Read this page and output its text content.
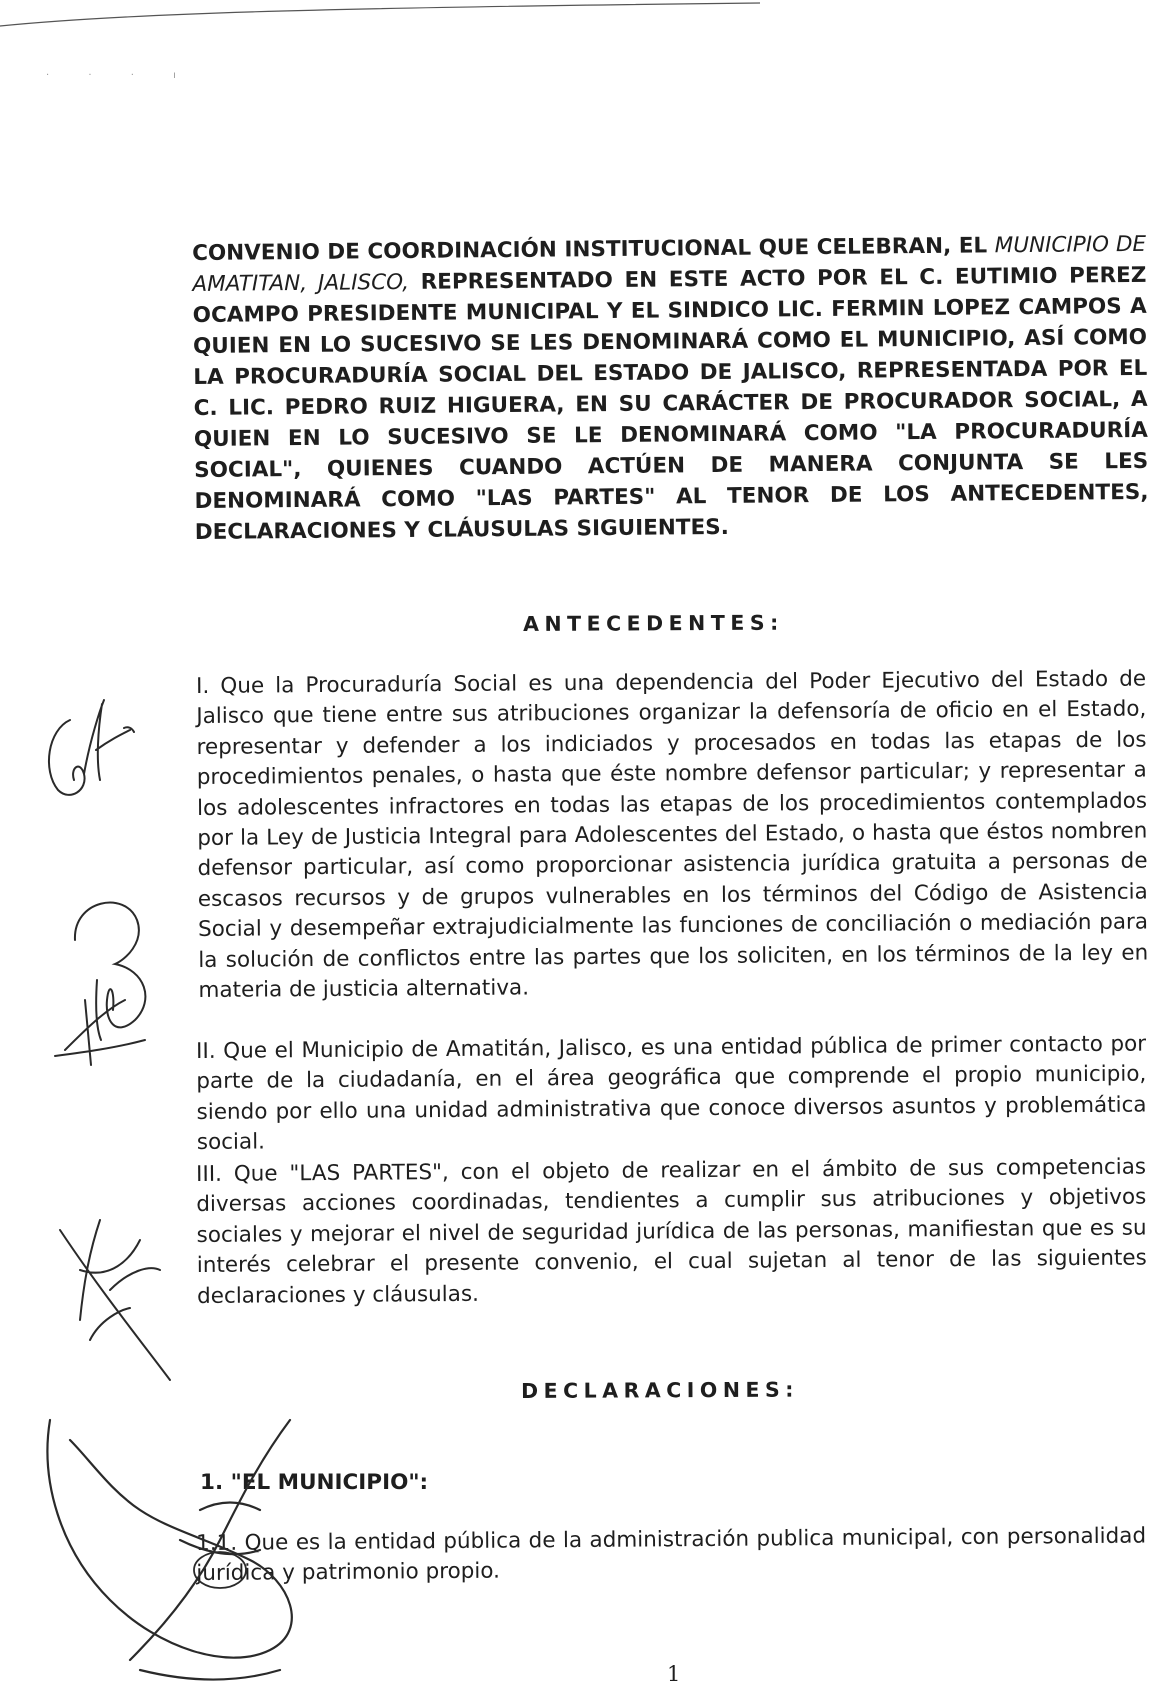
· · · ı
CONVENIO DE COORDINACIÓN INSTITUCIONAL QUE CELEBRAN, EL MUNICIPIO DE AMATITAN, JALISCO, REPRESENTADO EN ESTE ACTO POR EL C. EUTIMIO PEREZ OCAMPO PRESIDENTE MUNICIPAL Y EL SINDICO LIC. FERMIN LOPEZ CAMPOS A QUIEN EN LO SUCESIVO SE LES DENOMINARÁ COMO EL MUNICIPIO, ASÍ COMO LA PROCURADURÍA SOCIAL DEL ESTADO DE JALISCO, REPRESENTADA POR EL C. LIC. PEDRO RUIZ HIGUERA, EN SU CARÁCTER DE PROCURADOR SOCIAL, A QUIEN EN LO SUCESIVO SE LE DENOMINARÁ COMO "LA PROCURADURÍA SOCIAL", QUIENES CUANDO ACTÚEN DE MANERA CONJUNTA SE LES DENOMINARÁ COMO "LAS PARTES" AL TENOR DE LOS ANTECEDENTES, DECLARACIONES Y CLÁUSULAS SIGUIENTES.
ANTECEDENTES:
I. Que la Procuraduría Social es una dependencia del Poder Ejecutivo del Estado de Jalisco que tiene entre sus atribuciones organizar la defensoría de oficio en el Estado, representar y defender a los indiciados y procesados en todas las etapas de los procedimientos penales, o hasta que éste nombre defensor particular; y representar a los adolescentes infractores en todas las etapas de los procedimientos contemplados por la Ley de Justicia Integral para Adolescentes del Estado, o hasta que éstos nombren defensor particular, así como proporcionar asistencia jurídica gratuita a personas de escasos recursos y de grupos vulnerables en los términos del Código de Asistencia Social y desempeñar extrajudicialmente las funciones de conciliación o mediación para la solución de conflictos entre las partes que los soliciten, en los términos de la ley en materia de justicia alternativa.
II. Que el Municipio de Amatitán, Jalisco, es una entidad pública de primer contacto por parte de la ciudadanía, en el área geográfica que comprende el propio municipio, siendo por ello una unidad administrativa que conoce diversos asuntos y problemática social.
III. Que "LAS PARTES", con el objeto de realizar en el ámbito de sus competencias diversas acciones coordinadas, tendientes a cumplir sus atribuciones y objetivos sociales y mejorar el nivel de seguridad jurídica de las personas, manifiestan que es su interés celebrar el presente convenio, el cual sujetan al tenor de las siguientes declaraciones y cláusulas.
DECLARACIONES:
1. "EL MUNICIPIO":
1.1. Que es la entidad pública de la administración publica municipal, con personalidad jurídica y patrimonio propio.
1
